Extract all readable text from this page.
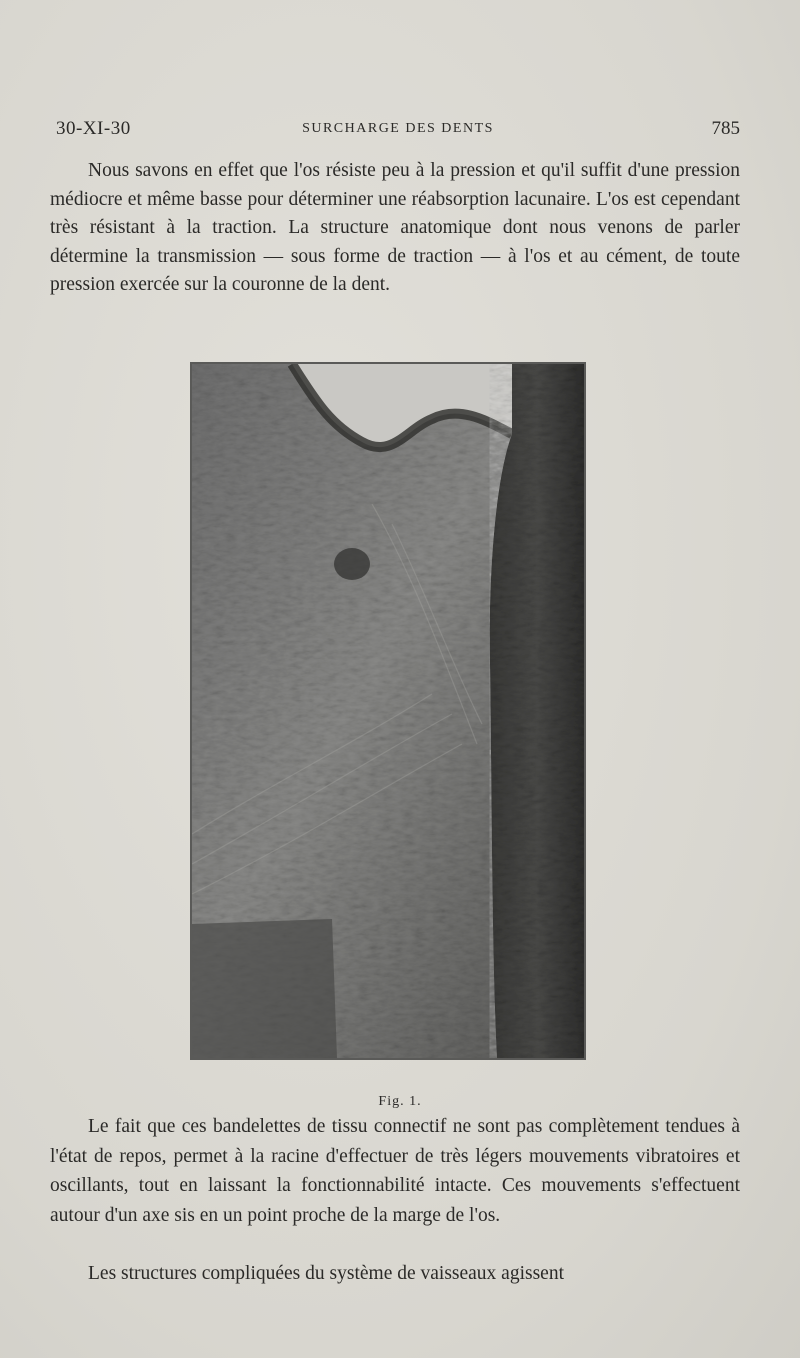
30-XI-30	SURCHARGE DES DENTS	785

Nous savons en effet que l'os résiste peu à la pression et qu'il suffit d'une pression médiocre et même basse pour déterminer une réabsorption lacunaire. L'os est cependant très résistant à la traction. La structure anatomique dont nous venons de parler détermine la transmission — sous forme de traction — à l'os et au cément, de toute pression exercée sur la couronne de la dent.

Fig. 1.

Le fait que ces bandelettes de tissu connectif ne sont pas complètement tendues à l'état de repos, permet à la racine d'effectuer de très légers mouvements vibratoires et oscillants, tout en laissant la fonctionnabilité intacte. Ces mouvements s'effectuent autour d'un axe sis en un point proche de la marge de l'os.

Les structures compliquées du système de vaisseaux agissent
